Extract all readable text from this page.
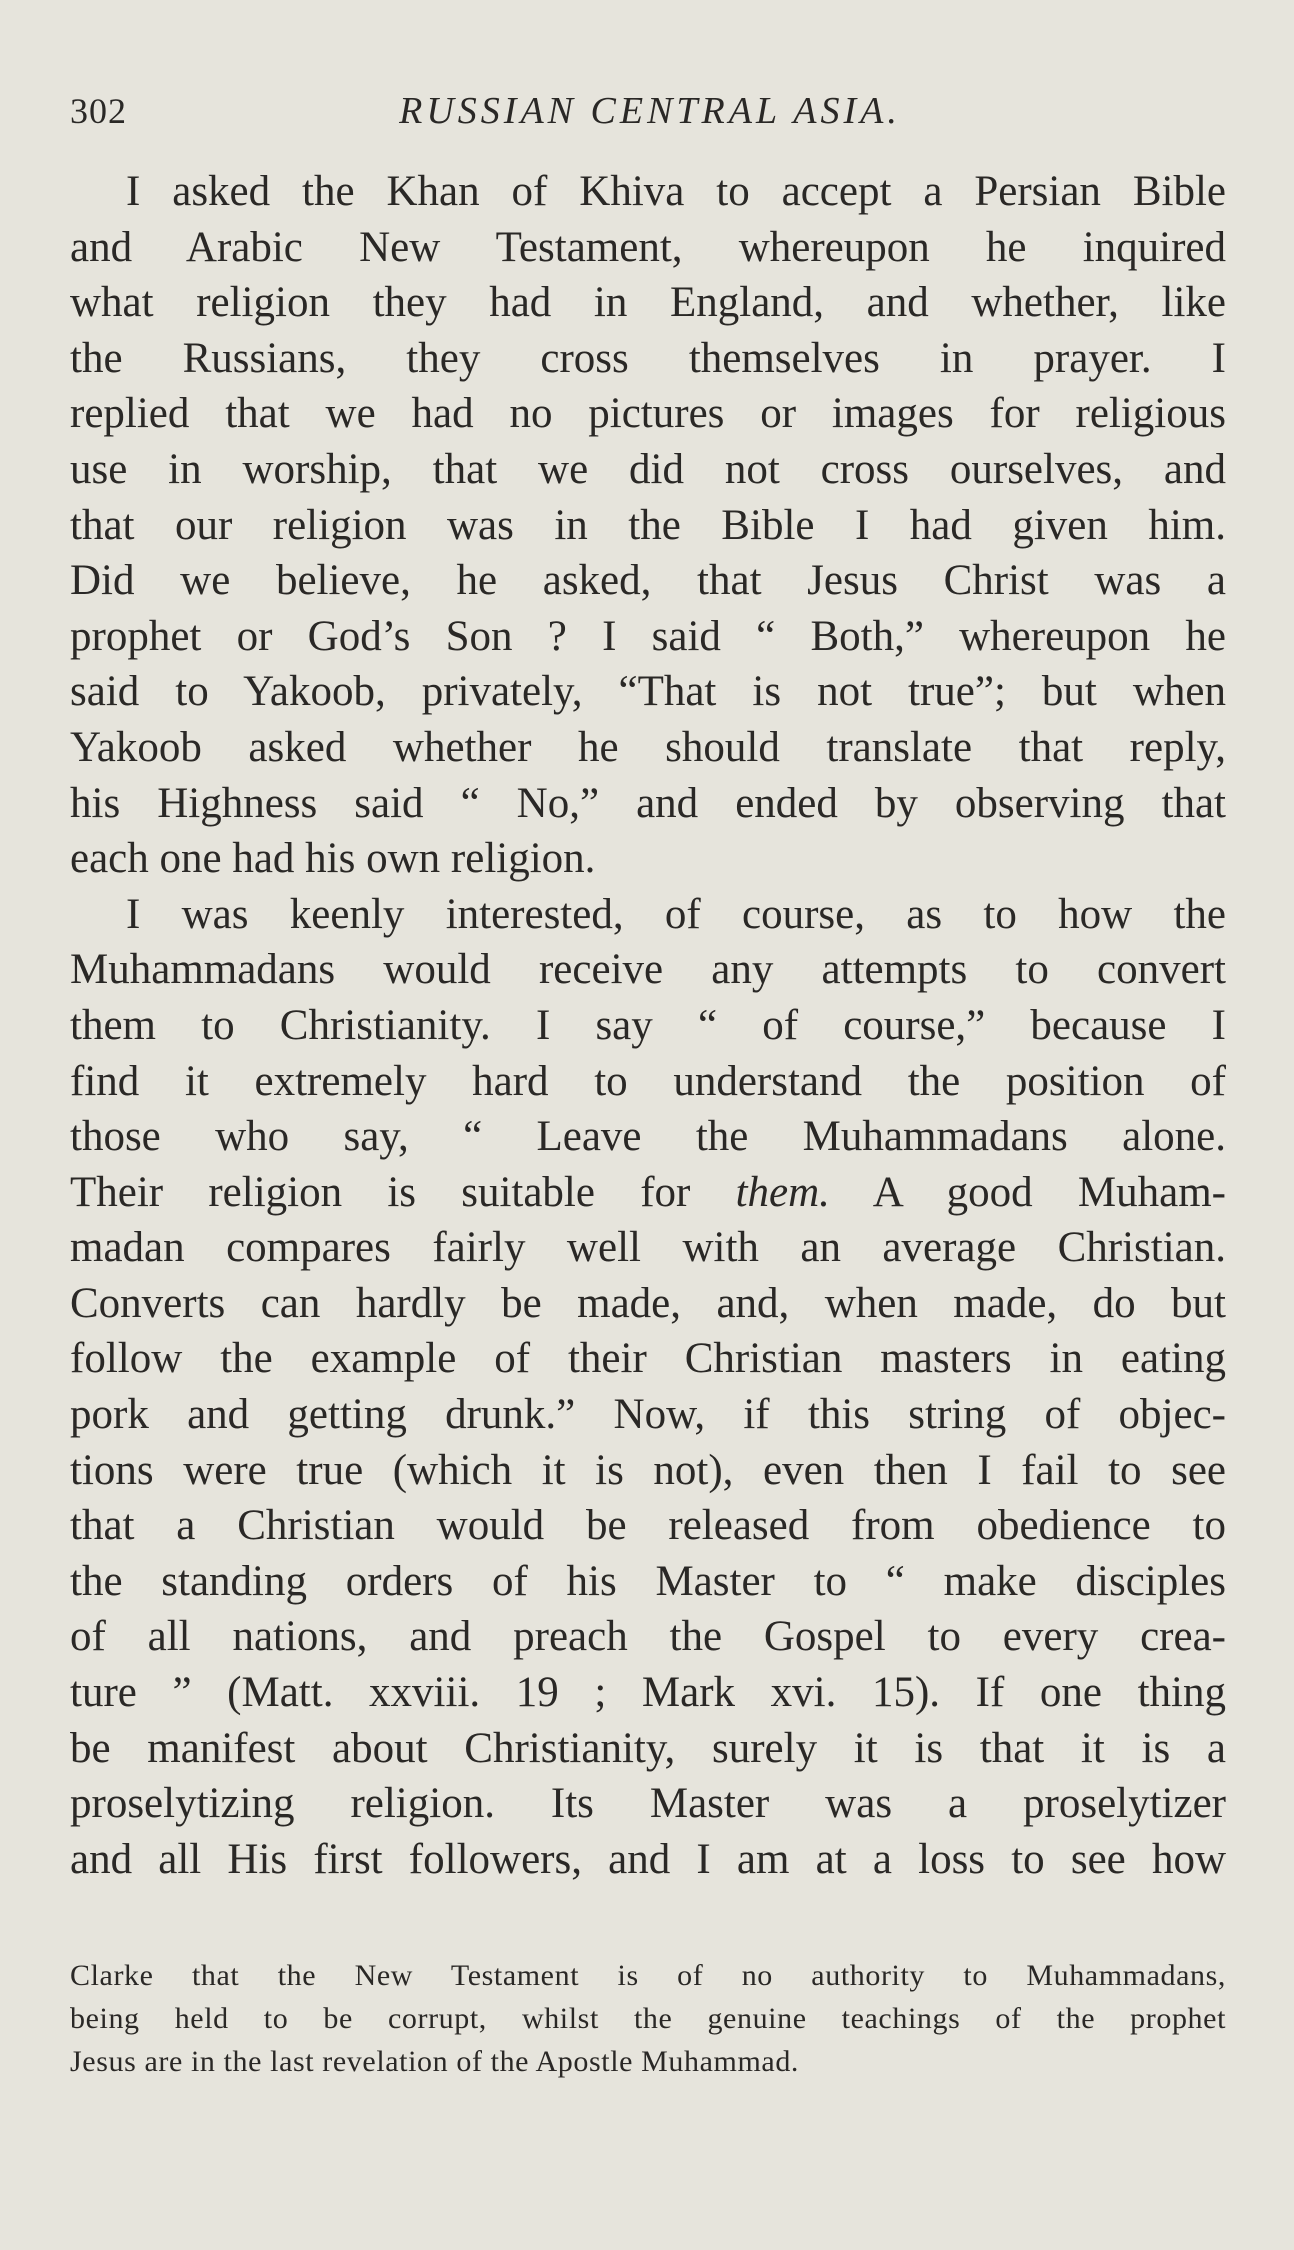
302	RUSSIAN CENTRAL ASIA.

I asked the Khan of Khiva to accept a Persian Bible
and Arabic New Testament, whereupon he inquired
what religion they had in England, and whether, like
the Russians, they cross themselves in prayer. I
replied that we had no pictures or images for religious
use in worship, that we did not cross ourselves, and
that our religion was in the Bible I had given him.
Did we believe, he asked, that Jesus Christ was a
prophet or God’s Son ? I said “ Both,” whereupon he
said to Yakoob, privately, “That is not true”; but when
Yakoob asked whether he should translate that reply,
his Highness said “ No,” and ended by observing that
each one had his own religion.

I was keenly interested, of course, as to how the
Muhammadans would receive any attempts to convert
them to Christianity. I say “ of course,” because I
find it extremely hard to understand the position of
those who say, “ Leave the Muhammadans alone.
Their religion is suitable for them. A good Muham-
madan compares fairly well with an average Christian.
Converts can hardly be made, and, when made, do but
follow the example of their Christian masters in eating
pork and getting drunk.” Now, if this string of objec-
tions were true (which it is not), even then I fail to see
that a Christian would be released from obedience to
the standing orders of his Master to “ make disciples
of all nations, and preach the Gospel to every crea-
ture ” (Matt. xxviii. 19 ; Mark xvi. 15). If one thing
be manifest about Christianity, surely it is that it is a
proselytizing religion. Its Master was a proselytizer
and all His first followers, and I am at a loss to see how

Clarke that the New Testament is of no authority to Muhammadans,
being held to be corrupt, whilst the genuine teachings of the prophet
Jesus are in the last revelation of the Apostle Muhammad.
